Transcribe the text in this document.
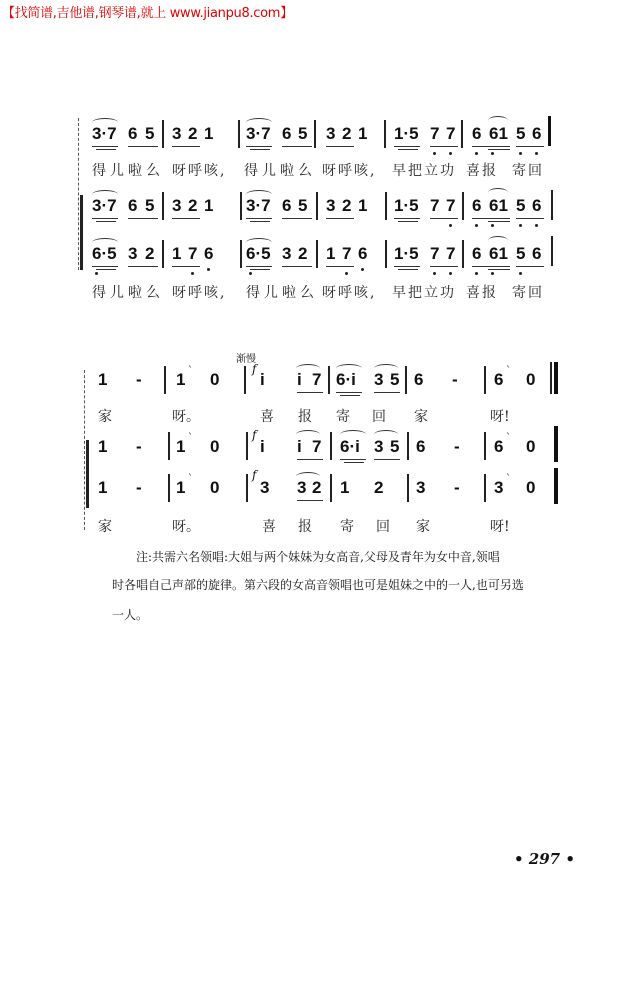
【找简谱,吉他谱,钢琴谱,就上 www.jianpu8.com】
3·7 6 5 3 2 1 3·7 6 5 3 2 1 1·5 7 7 6 61 5 6
得儿啦么 呀呼咳, 得儿啦么 呀呼咳, 早把立功 喜报 寄回
3·7 6 5 3 2 1 3·7 6 5 3 2 1 1·5 7 7 6 61 5 6
6·5 3 2 1 7 6 6·5 3 2 1 7 6 1·5 7 7 6 61 5 6
得儿啦么 呀呼咳, 得儿啦么 呀呼咳, 早把立功 喜报 寄回
渐慢
1 - 1 ` 0
f
i i 7 6·i 3 5 6 - 6 ` 0
家	呀。	喜 报 寄 回 家	呀!
1 - 1 ` 0
f
i i 7 6·i 3 5 6 - 6 ` 0
1 - 1 ` 0
f
3 3 2 1 2 3 - 3 ` 0
家	呀。	喜 报 寄 回 家	呀!
注:共需六名领唱:大姐与两个妹妹为女高音,父母及青年为女中音,领唱
时各唱自己声部的旋律。第六段的女高音领唱也可是姐妹之中的一人,也可另选
一人。
• 297 •
